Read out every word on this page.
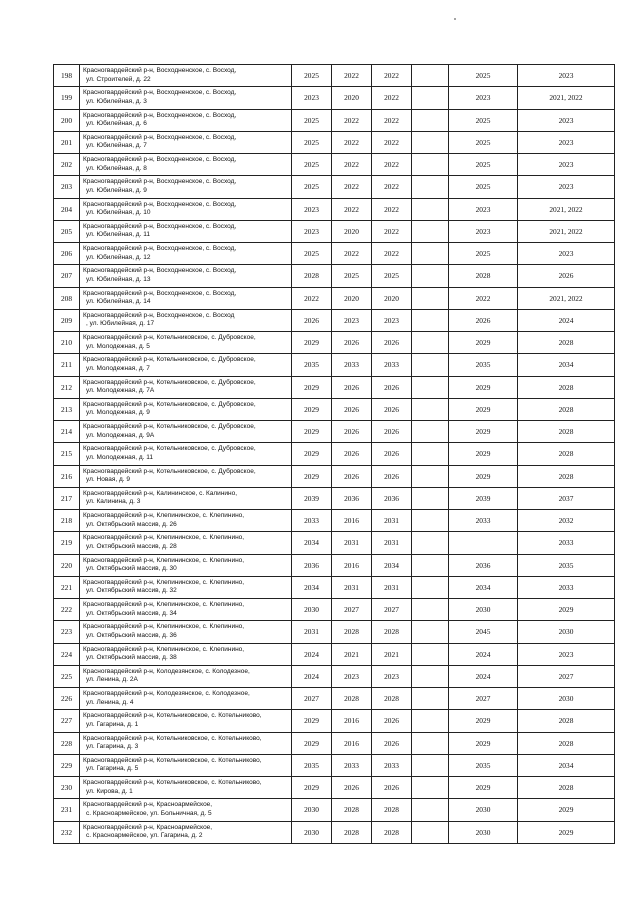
198	Красногвардейский р-н, Восходненское, с. Восход,
ул. Строителей, д. 22	2025	2022	2022		2025	2023
199	Красногвардейский р-н, Восходненское, с. Восход,
ул. Юбилейная, д. 3	2023	2020	2022		2023	2021, 2022
200	Красногвардейский р-н, Восходненское, с. Восход,
ул. Юбилейная, д. 6	2025	2022	2022		2025	2023
201	Красногвардейский р-н, Восходненское, с. Восход,
ул. Юбилейная, д. 7	2025	2022	2022		2025	2023
202	Красногвардейский р-н, Восходненское, с. Восход,
ул. Юбилейная, д. 8	2025	2022	2022		2025	2023
203	Красногвардейский р-н, Восходненское, с. Восход,
ул. Юбилейная, д. 9	2025	2022	2022		2025	2023
204	Красногвардейский р-н, Восходненское, с. Восход,
ул. Юбилейная, д. 10	2023	2022	2022		2023	2021, 2022
205	Красногвардейский р-н, Восходненское, с. Восход,
ул. Юбилейная, д. 11	2023	2020	2022		2023	2021, 2022
206	Красногвардейский р-н, Восходненское, с. Восход,
ул. Юбилейная, д. 12	2025	2022	2022		2025	2023
207	Красногвардейский р-н, Восходненское, с. Восход,
ул. Юбилейная, д. 13	2028	2025	2025		2028	2026
208	Красногвардейский р-н, Восходненское, с. Восход,
ул. Юбилейная, д. 14	2022	2020	2020		2022	2021, 2022
209	Красногвардейский р-н, Восходненское, с. Восход
, ул. Юбилейная, д. 17	2026	2023	2023		2026	2024
210	Красногвардейский р-н, Котельниковское, с. Дубровское,
ул. Молодежная, д. 5	2029	2026	2026		2029	2028
211	Красногвардейский р-н, Котельниковское, с. Дубровское,
ул. Молодежная, д. 7	2035	2033	2033		2035	2034
212	Красногвардейский р-н, Котельниковское, с. Дубровское,
ул. Молодежная, д. 7А	2029	2026	2026		2029	2028
213	Красногвардейский р-н, Котельниковское, с. Дубровское,
ул. Молодежная, д. 9	2029	2026	2026		2029	2028
214	Красногвардейский р-н, Котельниковское, с. Дубровское,
ул. Молодежная, д. 9А	2029	2026	2026		2029	2028
215	Красногвардейский р-н, Котельниковское, с. Дубровское,
ул. Молодежная, д. 11	2029	2026	2026		2029	2028
216	Красногвардейский р-н, Котельниковское, с. Дубровское,
ул. Новая, д. 9	2029	2026	2026		2029	2028
217	Красногвардейский р-н, Калининское, с. Калинино,
ул. Калинина, д. 3	2039	2036	2036		2039	2037
218	Красногвардейский р-н, Клепининское, с. Клепинино,
ул. Октябрьский массив, д. 26	2033	2016	2031		2033	2032
219	Красногвардейский р-н, Клепининское, с. Клепинино,
ул. Октябрьский массив, д. 28	2034	2031	2031			2033
220	Красногвардейский р-н, Клепининское, с. Клепинино,
ул. Октябрьский массив, д. 30	2036	2016	2034		2036	2035
221	Красногвардейский р-н, Клепининское, с. Клепинино,
ул. Октябрьский массив, д. 32	2034	2031	2031		2034	2033
222	Красногвардейский р-н, Клепининское, с. Клепинино,
ул. Октябрьский массив, д. 34	2030	2027	2027		2030	2029
223	Красногвардейский р-н, Клепининское, с. Клепинино,
ул. Октябрьский массив, д. 36	2031	2028	2028		2045	2030
224	Красногвардейский р-н, Клепининское, с. Клепинино,
ул. Октябрьский массив, д. 38	2024	2021	2021		2024	2023
225	Красногвардейский р-н, Колодезянское, с. Колодезное,
ул. Ленина, д. 2А	2024	2023	2023		2024	2027
226	Красногвардейский р-н, Колодезянское, с. Колодезное,
ул. Ленина, д. 4	2027	2028	2028		2027	2030
227	Красногвардейский р-н, Котельниковское, с. Котельниково,
ул. Гагарина, д. 1	2029	2016	2026		2029	2028
228	Красногвардейский р-н, Котельниковское, с. Котельниково,
ул. Гагарина, д. 3	2029	2016	2026		2029	2028
229	Красногвардейский р-н, Котельниковское, с. Котельниково,
ул. Гагарина, д. 5	2035	2033	2033		2035	2034
230	Красногвардейский р-н, Котельниковское, с. Котельниково,
ул. Кирова, д. 1	2029	2026	2026		2029	2028
231	Красногвардейский р-н, Красноармейское,
с. Красноармейское, ул. Больничная, д. 5	2030	2028	2028		2030	2029
232	Красногвардейский р-н, Красноармейское,
с. Красноармейское, ул. Гагарина, д. 2	2030	2028	2028		2030	2029
